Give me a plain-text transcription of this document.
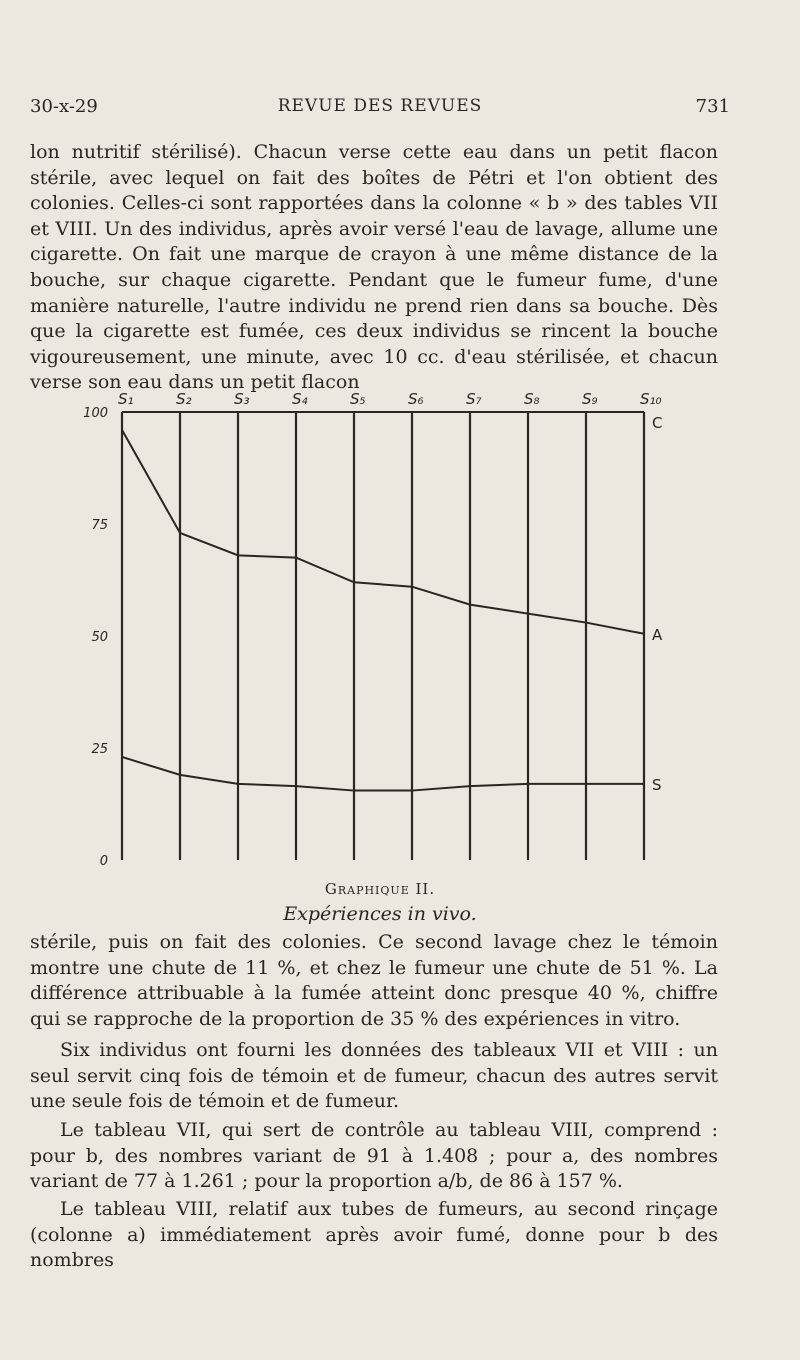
30-x-29	REVUE DES REVUES	731

lon nutritif stérilisé). Chacun verse cette eau dans un petit flacon stérile, avec lequel on fait des boîtes de Pétri et l'on obtient des colonies. Celles-ci sont rapportées dans la colonne « b » des tables VII et VIII. Un des individus, après avoir versé l'eau de lavage, allume une cigarette. On fait une marque de crayon à une même distance de la bouche, sur chaque cigarette. Pendant que le fumeur fume, d'une manière naturelle, l'autre individu ne prend rien dans sa bouche. Dès que la cigarette est fumée, ces deux individus se rincent la bouche vigoureusement, une minute, avec 10 cc. d'eau stérilisée, et chacun verse son eau dans un petit flacon

S₁	S₂	S₃	S₄	S₅	S₆	S₇	S₈	S₉	S₁₀
0
25
50
75
100
C
A
S
Graphique II.
Expériences in vivo.

stérile, puis on fait des colonies. Ce second lavage chez le témoin montre une chute de 11 %, et chez le fumeur une chute de 51 %. La différence attribuable à la fumée atteint donc presque 40 %, chiffre qui se rapproche de la proportion de 35 % des expériences in vitro.

Six individus ont fourni les données des tableaux VII et VIII : un seul servit cinq fois de témoin et de fumeur, chacun des autres servit une seule fois de témoin et de fumeur.

Le tableau VII, qui sert de contrôle au tableau VIII, comprend : pour b, des nombres variant de 91 à 1.408 ; pour a, des nombres variant de 77 à 1.261 ; pour la proportion a/b, de 86 à 157 %.

Le tableau VIII, relatif aux tubes de fumeurs, au second rinçage (colonne a) immédiatement après avoir fumé, donne pour b des nombres
